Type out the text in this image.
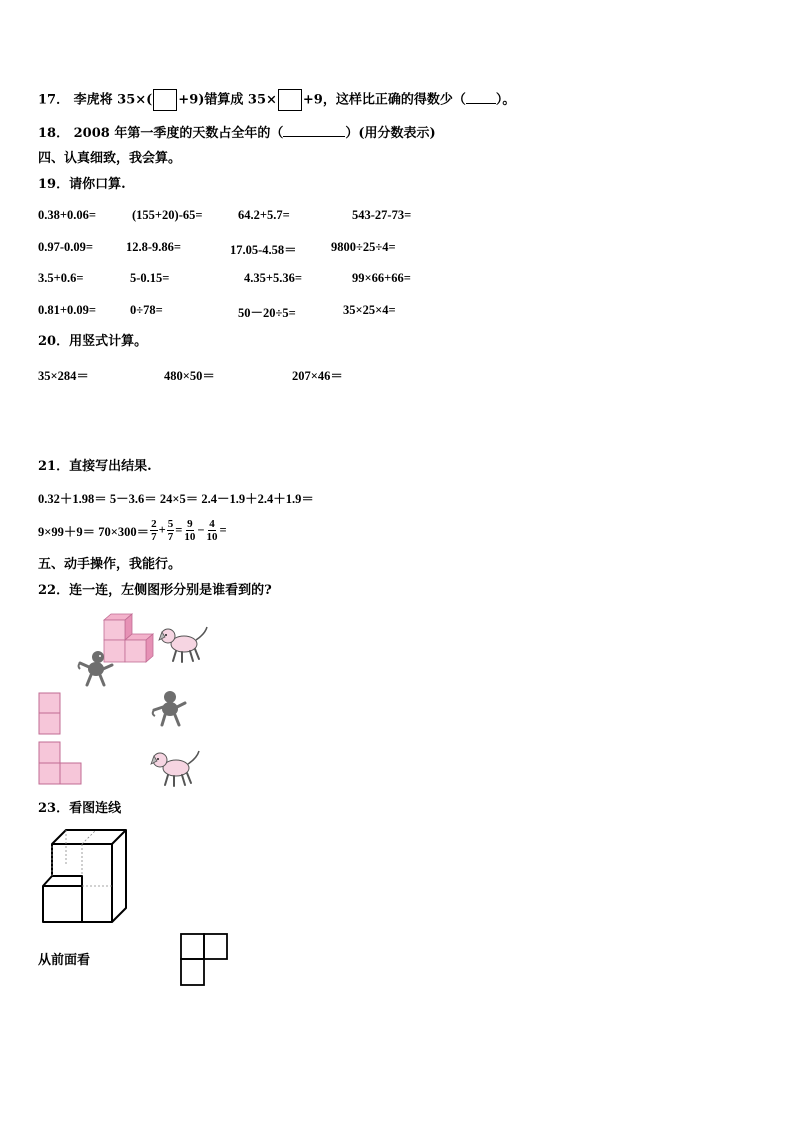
17． 李虎将 35×( +9)错算成 35× +9，这样比正确的得数少（ ）。
18． 2008 年第一季度的天数占全年的（	）(用分数表示)
四、认真细致，我会算。
19．请你口算.
0.38+0.06=	(155+20)-65=	64.2+5.7=	543-27-73=
0.97-0.09=	12.8-9.86=	17.05-4.58＝	9800÷25÷4=
3.5+0.6=	5-0.15=	4.35+5.36=	99×66+66=
0.81+0.09=	0÷78=	50－20÷5=	35×25×4=
20．用竖式计算。
35×284＝	480×50＝	207×46＝
21．直接写出结果.
0.32＋1.98＝ 5－3.6＝ 24×5＝ 2.4－1.9＋2.4＋1.9＝
$9\times 99+9= 70\times 300= \frac{2}{7} + \frac{5}{7} = \frac{9}{10} - \frac{4}{10}$ =
五、动手操作，我能行。
22．连一连，左侧图形分别是谁看到的?
23．看图连线
从前面看
